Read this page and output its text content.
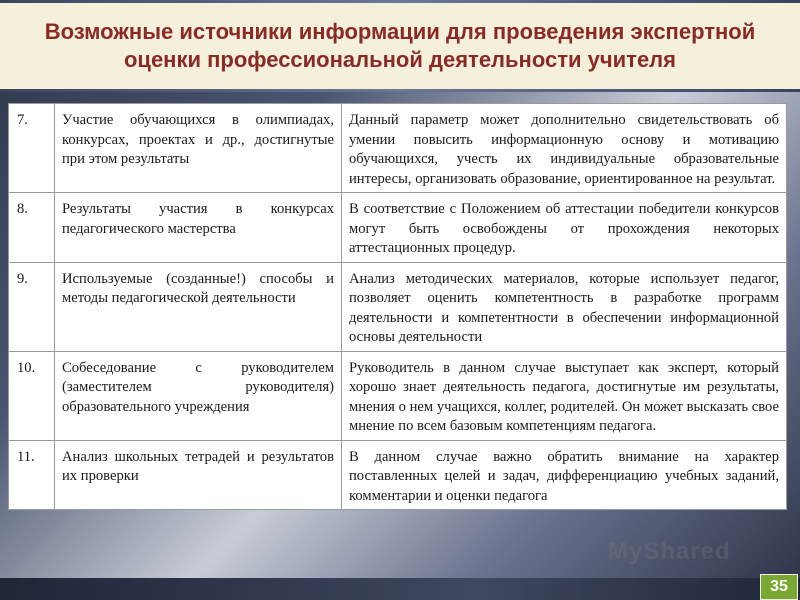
Возможные источники информации для проведения экспертной оценки профессиональной деятельности учителя
7.	Участие обучающихся в олимпиадах, конкурсах, проектах и др., достигнутые при этом результаты	Данный параметр может дополнительно свидетельствовать об умении повысить информационную основу и мотивацию обучающихся, учесть их индивидуальные образовательные интересы, организовать образование, ориентированное на результат.
8.	Результаты участия в конкурсах педагогического мастерства	В соответствие с Положением об аттестации победители конкурсов могут быть освобождены от прохождения некоторых аттестационных процедур.
9.	Используемые (созданные!) способы и методы педагогической деятельности	Анализ методических материалов, которые использует педагог, позволяет оценить компетентность в разработке программ деятельности и компетентности в обеспечении информационной основы деятельности
10.	Собеседование с руководителем (заместителем руководителя) образовательного учреждения	Руководитель в данном случае выступает как эксперт, который хорошо знает деятельность педагога, достигнутые им результаты, мнения о нем учащихся, коллег, родителей. Он может высказать свое мнение по всем базовым компетенциям педагога.
11.	Анализ школьных тетрадей и результатов их проверки	В данном случае важно обратить внимание на характер поставленных целей и задач, дифференциацию учебных заданий, комментарии и оценки педагога
MyShared
35
